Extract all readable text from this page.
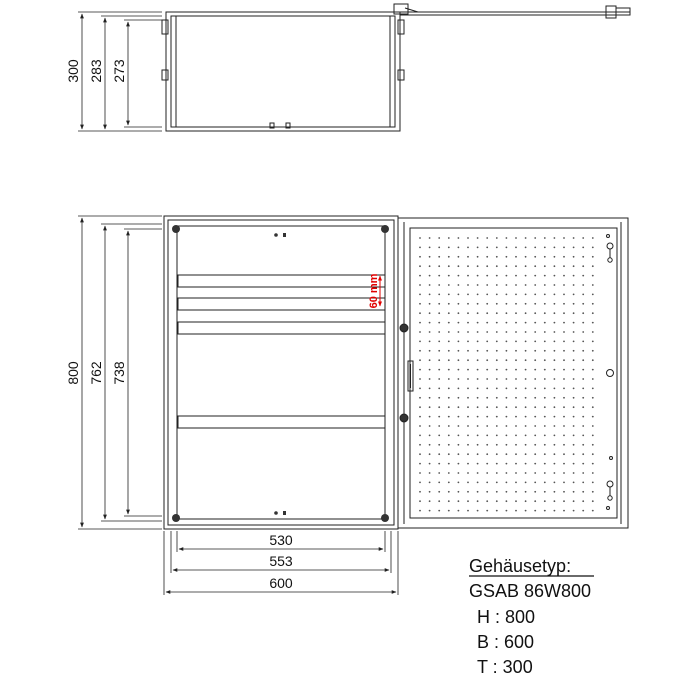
300 283 273
60 mm
800 762 738
530
553
600
Gehäusetyp:
GSAB 86W800
H : 800
B : 600
T : 300
